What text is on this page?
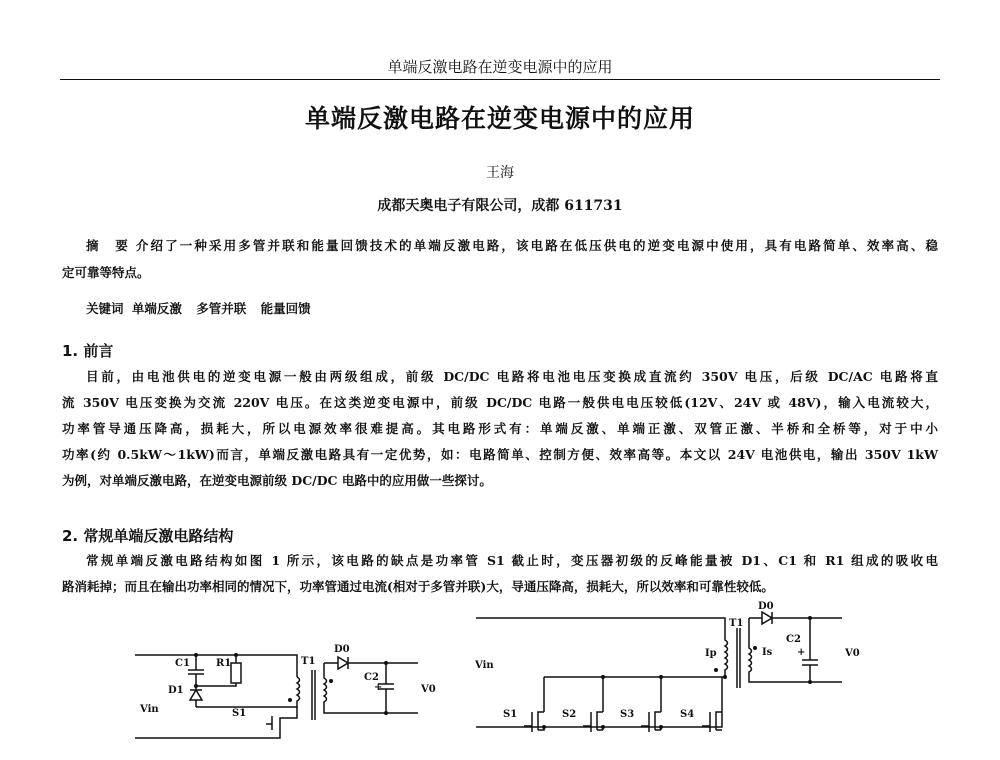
单端反激电路在逆变电源中的应用
单端反激电路在逆变电源中的应用
王海
成都天奥电子有限公司，成都 611731
摘　要 介绍了一种采用多管并联和能量回馈技术的单端反激电路，该电路在低压供电的逆变电源中使用，具有电路简单、效率高、稳
定可靠等特点。
关键词 单端反激 多管并联 能量回馈
1. 前言
目前，由电池供电的逆变电源一般由两级组成，前级 DC/DC 电路将电池电压变换成直流约 350V 电压，后级 DC/AC 电路将直
流 350V 电压变换为交流 220V 电压。在这类逆变电源中，前级 DC/DC 电路一般供电电压较低(12V、24V 或 48V)，输入电流较大，
功率管导通压降高，损耗大，所以电源效率很难提高。其电路形式有：单端反激、单端正激、双管正激、半桥和全桥等，对于中小
功率(约 0.5kW～1kW)而言，单端反激电路具有一定优势，如：电路简单、控制方便、效率高等。本文以 24V 电池供电，输出 350V 1kW
为例，对单端反激电路，在逆变电源前级 DC/DC 电路中的应用做一些探讨。
2. 常规单端反激电路结构
常规单端反激电路结构如图 1 所示，该电路的缺点是功率管 S1 截止时，变压器初级的反峰能量被 D1、C1 和 R1 组成的吸收电
路消耗掉；而且在输出功率相同的情况下，功率管通过电流(相对于多管并联)大，导通压降高，损耗大，所以效率和可靠性较低。
C1	R1
D1
Vin	S1
T1
D0
C2
+	V0
Vin
T1
D0
Ip	Is
C2
+	V0
S1	S2	S3	S4
